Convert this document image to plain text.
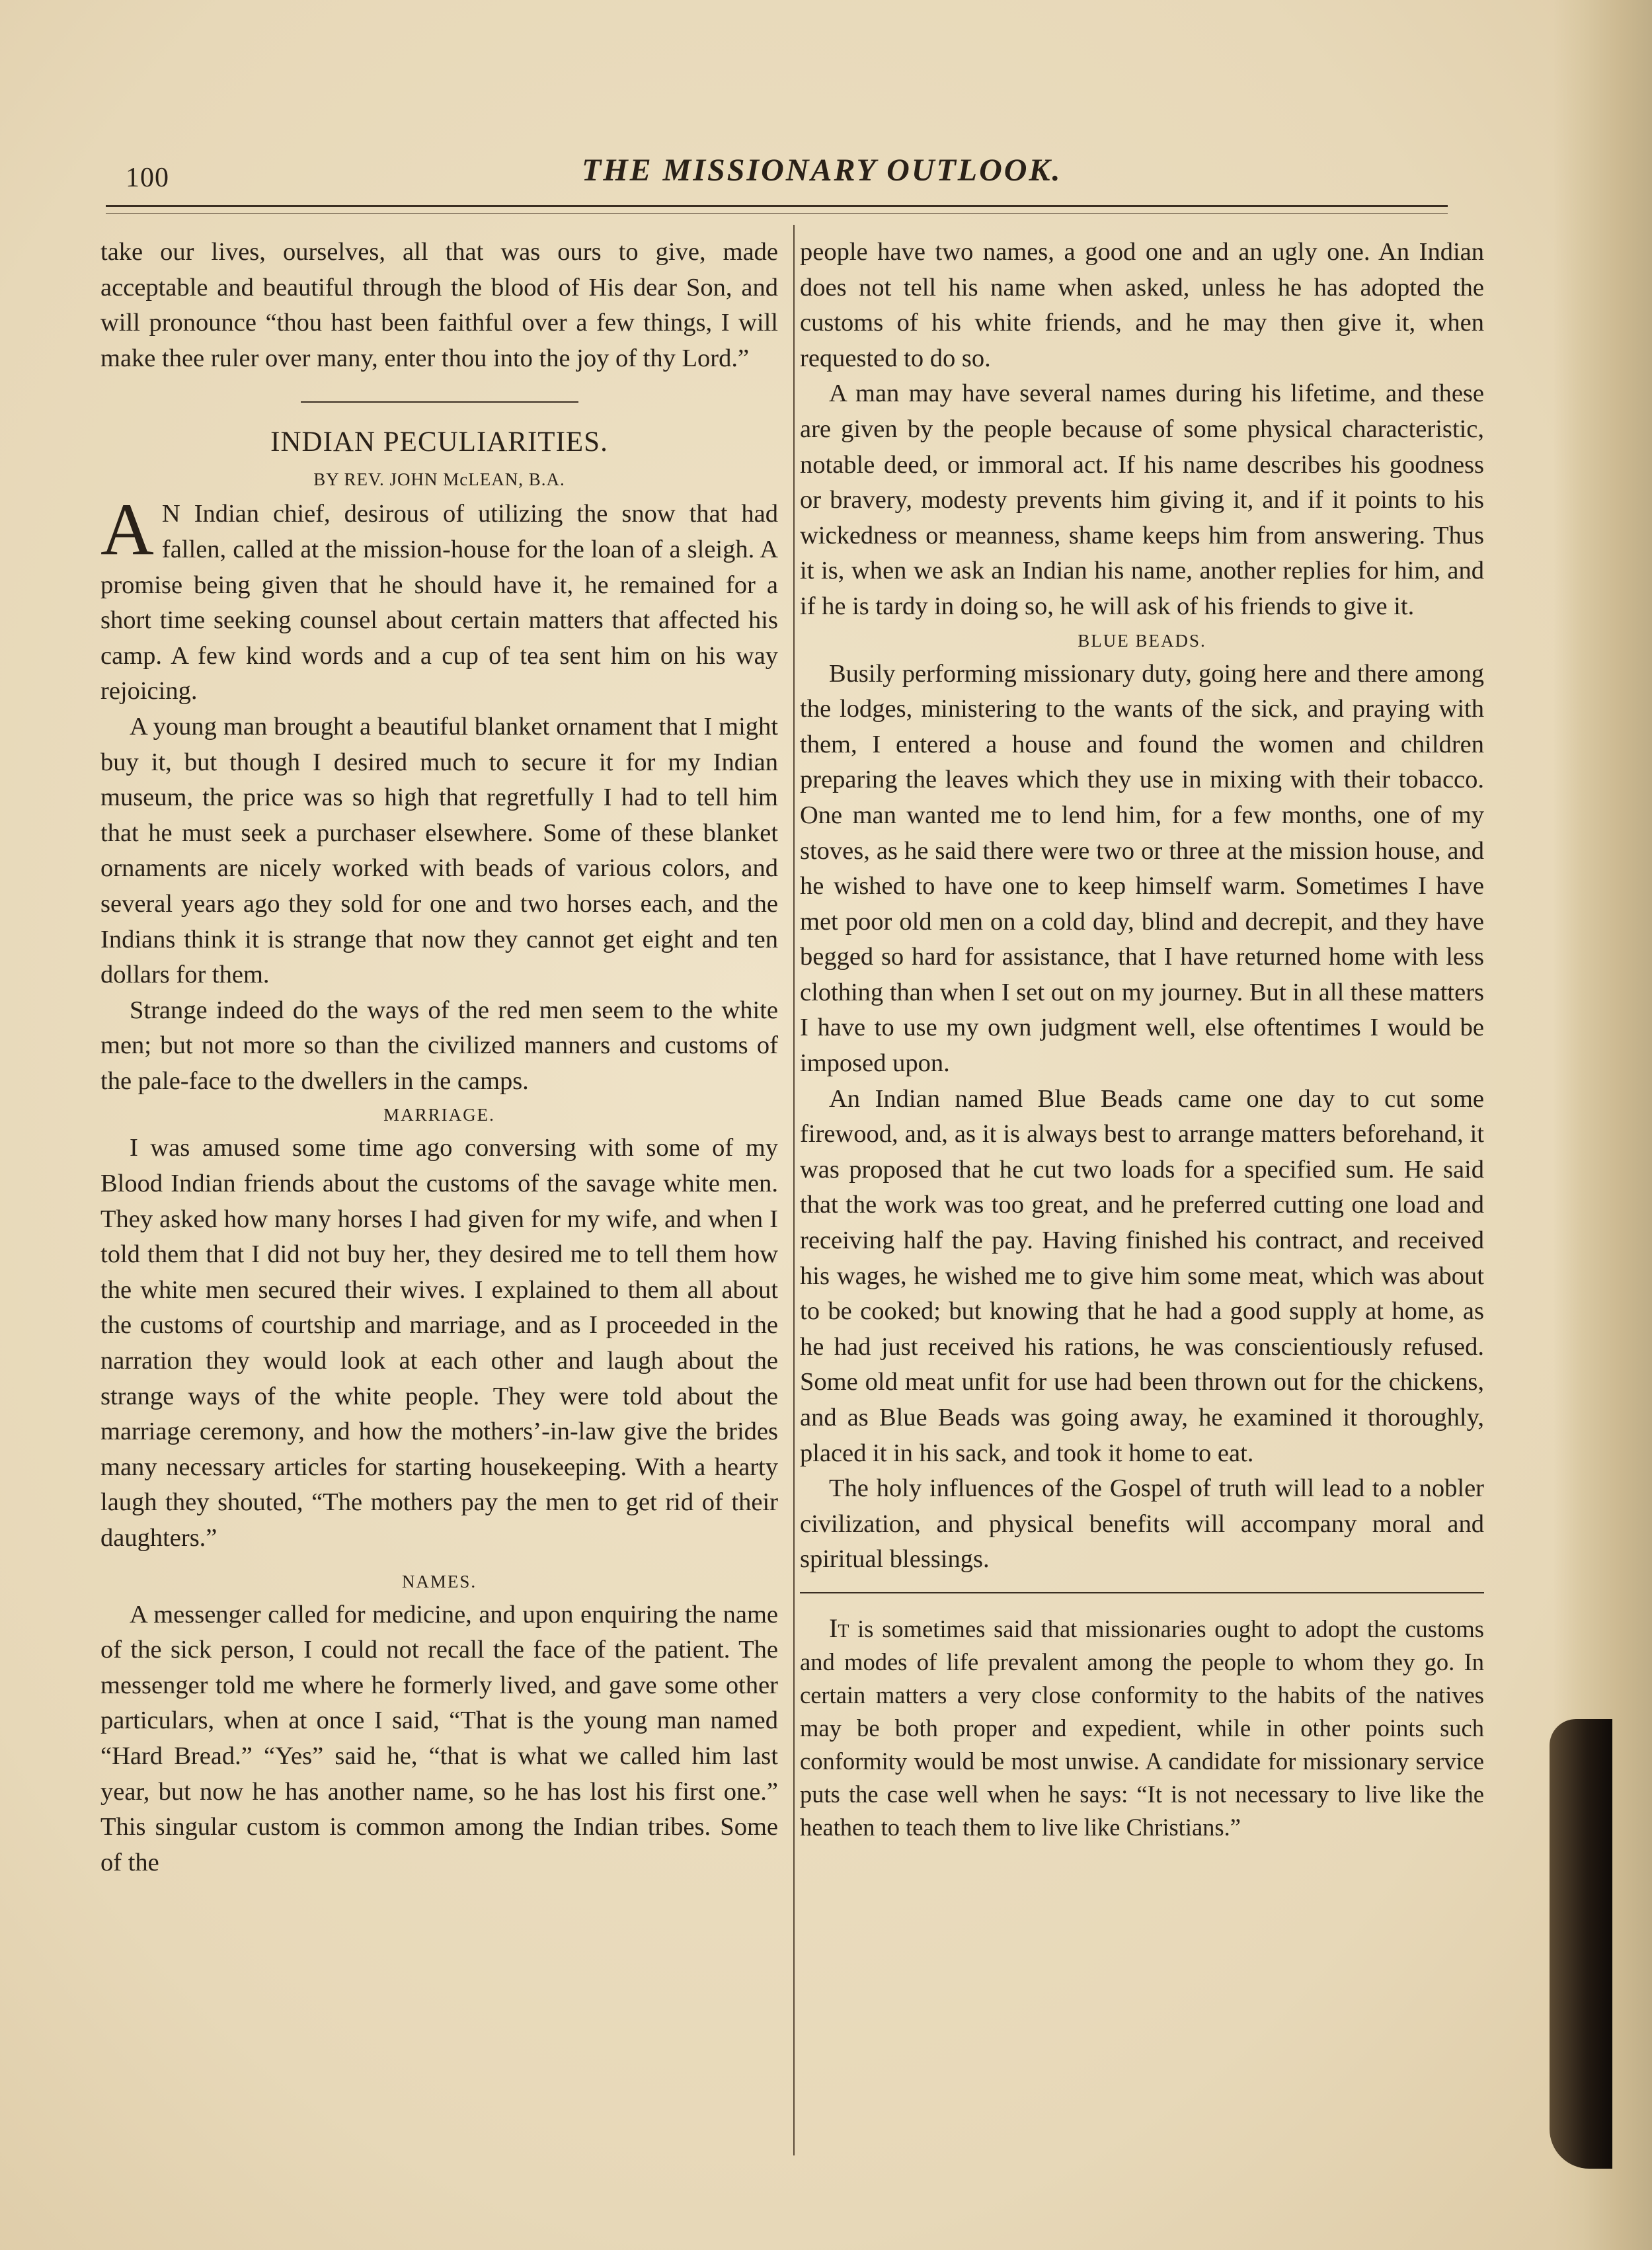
100	THE MISSIONARY OUTLOOK.

take our lives, ourselves, all that was ours to give, made acceptable and beautiful through the blood of His dear Son, and will pronounce “thou hast been faithful over a few things, I will make thee ruler over many, enter thou into the joy of thy Lord.”

INDIAN PECULIARITIES.

BY REV. JOHN McLEAN, B.A.

A N Indian chief, desirous of utilizing the snow that had fallen, called at the mission-house for the loan of a sleigh. A promise being given that he should have it, he remained for a short time seeking counsel about certain matters that affected his camp. A few kind words and a cup of tea sent him on his way rejoicing.

A young man brought a beautiful blanket ornament that I might buy it, but though I desired much to secure it for my Indian museum, the price was so high that regretfully I had to tell him that he must seek a purchaser elsewhere. Some of these blanket ornaments are nicely worked with beads of various colors, and several years ago they sold for one and two horses each, and the Indians think it is strange that now they cannot get eight and ten dollars for them.

Strange indeed do the ways of the red men seem to the white men; but not more so than the civilized manners and customs of the pale-face to the dwellers in the camps.

MARRIAGE.

I was amused some time ago conversing with some of my Blood Indian friends about the customs of the savage white men. They asked how many horses I had given for my wife, and when I told them that I did not buy her, they desired me to tell them how the white men secured their wives. I explained to them all about the customs of courtship and marriage, and as I proceeded in the narration they would look at each other and laugh about the strange ways of the white people. They were told about the marriage ceremony, and how the mothers’-in-law give the brides many necessary articles for starting housekeeping. With a hearty laugh they shouted, “The mothers pay the men to get rid of their daughters.”

NAMES.

A messenger called for medicine, and upon enquiring the name of the sick person, I could not recall the face of the patient. The messenger told me where he formerly lived, and gave some other particulars, when at once I said, “That is the young man named “Hard Bread.” “Yes” said he, “that is what we called him last year, but now he has another name, so he has lost his first one.” This singular custom is common among the Indian tribes. Some of the

people have two names, a good one and an ugly one. An Indian does not tell his name when asked, unless he has adopted the customs of his white friends, and he may then give it, when requested to do so.

A man may have several names during his lifetime, and these are given by the people because of some physical characteristic, notable deed, or immoral act. If his name describes his goodness or bravery, modesty prevents him giving it, and if it points to his wickedness or meanness, shame keeps him from answering. Thus it is, when we ask an Indian his name, another replies for him, and if he is tardy in doing so, he will ask of his friends to give it.

BLUE BEADS.

Busily performing missionary duty, going here and there among the lodges, ministering to the wants of the sick, and praying with them, I entered a house and found the women and children preparing the leaves which they use in mixing with their tobacco. One man wanted me to lend him, for a few months, one of my stoves, as he said there were two or three at the mission house, and he wished to have one to keep himself warm. Sometimes I have met poor old men on a cold day, blind and decrepit, and they have begged so hard for assistance, that I have returned home with less clothing than when I set out on my journey. But in all these matters I have to use my own judgment well, else oftentimes I would be imposed upon.

An Indian named Blue Beads came one day to cut some firewood, and, as it is always best to arrange matters beforehand, it was proposed that he cut two loads for a specified sum. He said that the work was too great, and he preferred cutting one load and receiving half the pay. Having finished his contract, and received his wages, he wished me to give him some meat, which was about to be cooked; but knowing that he had a good supply at home, as he had just received his rations, he was conscientiously refused. Some old meat unfit for use had been thrown out for the chickens, and as Blue Beads was going away, he examined it thoroughly, placed it in his sack, and took it home to eat.

The holy influences of the Gospel of truth will lead to a nobler civilization, and physical benefits will accompany moral and spiritual blessings.

It is sometimes said that missionaries ought to adopt the customs and modes of life prevalent among the people to whom they go. In certain matters a very close conformity to the habits of the natives may be both proper and expedient, while in other points such conformity would be most unwise. A candidate for missionary service puts the case well when he says: “It is not necessary to live like the heathen to teach them to live like Christians.”
